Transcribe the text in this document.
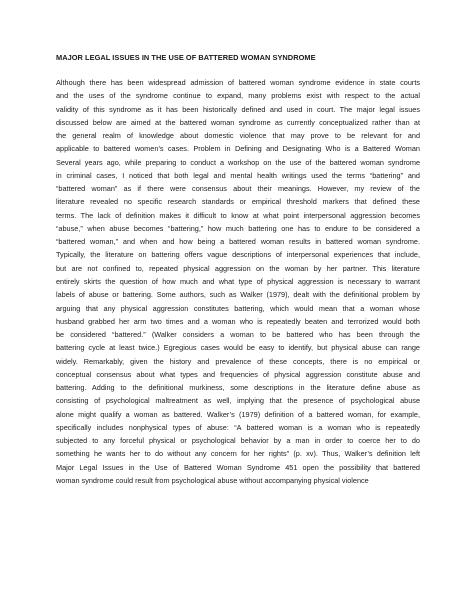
MAJOR LEGAL ISSUES IN THE USE OF BATTERED WOMAN SYNDROME
Although there has been widespread admission of battered woman syndrome evidence in state courts
and the uses of the syndrome continue to expand, many problems exist with respect to the actual
validity of this syndrome as it has been historically defined and used in court. The major legal issues
discussed below are aimed at the battered woman syndrome as currently conceptualized rather than at
the general realm of knowledge about domestic violence that may prove to be relevant for and
applicable to battered women’s cases. Problem in Defining and Designating Who is a Battered Woman
Several years ago, while preparing to conduct a workshop on the use of the battered woman syndrome
in criminal cases, I noticed that both legal and mental health writings used the terms “battering” and
“battered woman” as if there were consensus about their meanings. However, my review of the
literature revealed no specific research standards or empirical threshold markers that defined these
terms. The lack of definition makes it difficult to know at what point interpersonal aggression becomes
“abuse,” when abuse becomes “battering,” how much battering one has to endure to be considered a
“battered woman,” and when and how being a battered woman results in battered woman syndrome.
Typically, the literature on battering offers vague descriptions of interpersonal experiences that include,
but are not confined to, repeated physical aggression on the woman by her partner. This literature
entirely skirts the question of how much and what type of physical aggression is necessary to warrant
labels of abuse or battering. Some authors, such as Walker (1979), dealt with the definitional problem by
arguing that any physical aggression constitutes battering, which would mean that a woman whose
husband grabbed her arm two times and a woman who is repeatedly beaten and terrorized would both
be considered “battered.” (Walker considers a woman to be battered who has been through the
battering cycle at least twice.) Egregious cases would be easy to identify, but physical abuse can range
widely. Remarkably, given the history and prevalence of these concepts, there is no empirical or
conceptual consensus about what types and frequencies of physical aggression constitute abuse and
battering. Adding to the definitional murkiness, some descriptions in the literature define abuse as
consisting of psychological maltreatment as well, implying that the presence of psychological abuse
alone might qualify a woman as battered. Walker’s (1979) definition of a battered woman, for example,
specifically includes nonphysical types of abuse: “A battered woman is a woman who is repeatedly
subjected to any forceful physical or psychological behavior by a man in order to coerce her to do
something he wants her to do without any concern for her rights” (p. xv). Thus, Walker’s definition left
Major Legal Issues in the Use of Battered Woman Syndrome 451 open the possibility that battered
woman syndrome could result from psychological abuse without accompanying physical violence
